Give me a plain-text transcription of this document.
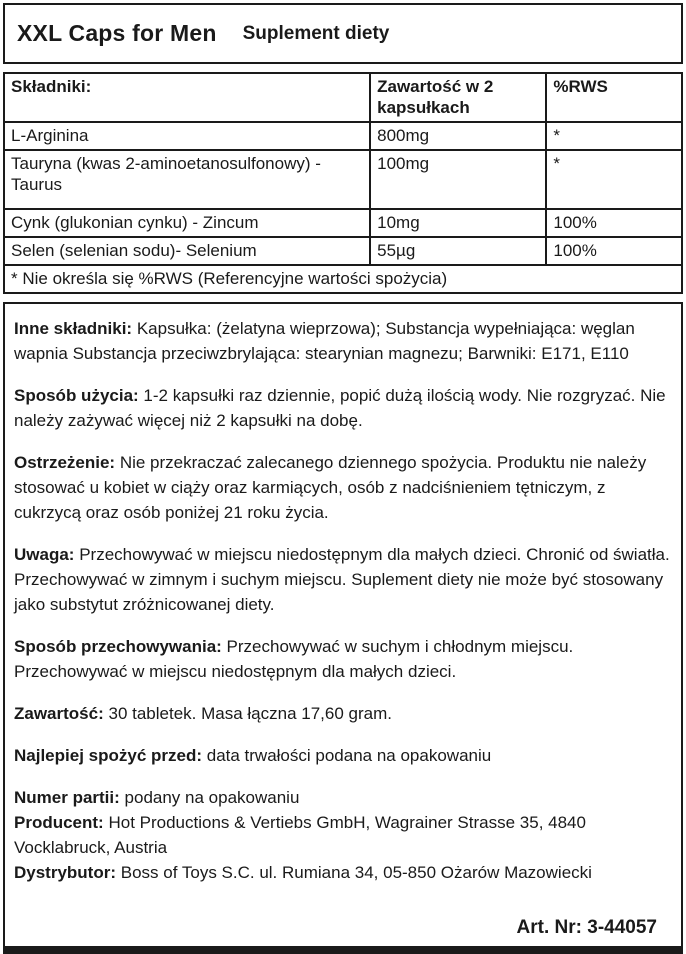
XXL Caps for Men Suplement diety
Składniki:	Zawartość w 2 kapsułkach	%RWS
L-Arginina	800mg	*
Tauryna (kwas 2-aminoetanosulfonowy) - Taurus	100mg	*
Cynk (glukonian cynku) - Zincum	10mg	100%
Selen (selenian sodu)- Selenium	55µg	100%
* Nie określa się %RWS (Referencyjne wartości spożycia)		

Inne składniki: Kapsułka: (żelatyna wieprzowa); Substancja wypełniająca: węglan wapnia Substancja przeciwzbrylająca: stearynian magnezu; Barwniki: E171, E110

Sposób użycia: 1-2 kapsułki raz dziennie, popić dużą ilością wody. Nie rozgryzać. Nie należy zażywać więcej niż 2 kapsułki na dobę.

Ostrzeżenie: Nie przekraczać zalecanego dziennego spożycia. Produktu nie należy stosować u kobiet w ciąży oraz karmiących, osób z nadciśnieniem tętniczym, z cukrzycą oraz osób poniżej 21 roku życia.

Uwaga: Przechowywać w miejscu niedostępnym dla małych dzieci. Chronić od światła. Przechowywać w zimnym i suchym miejscu. Suplement diety nie może być stosowany jako substytut zróżnicowanej diety.

Sposób przechowywania: Przechowywać w suchym i chłodnym miejscu. Przechowywać w miejscu niedostępnym dla małych dzieci.

Zawartość: 30 tabletek. Masa łączna 17,60 gram.

Najlepiej spożyć przed: data trwałości podana na opakowaniu

Numer partii: podany na opakowaniu

Producent: Hot Productions & Vertiebs GmbH, Wagrainer Strasse 35, 4840 Vocklabruck, Austria

Dystrybutor: Boss of Toys S.C. ul. Rumiana 34, 05-850 Ożarów Mazowiecki

Art. Nr: 3-44057
